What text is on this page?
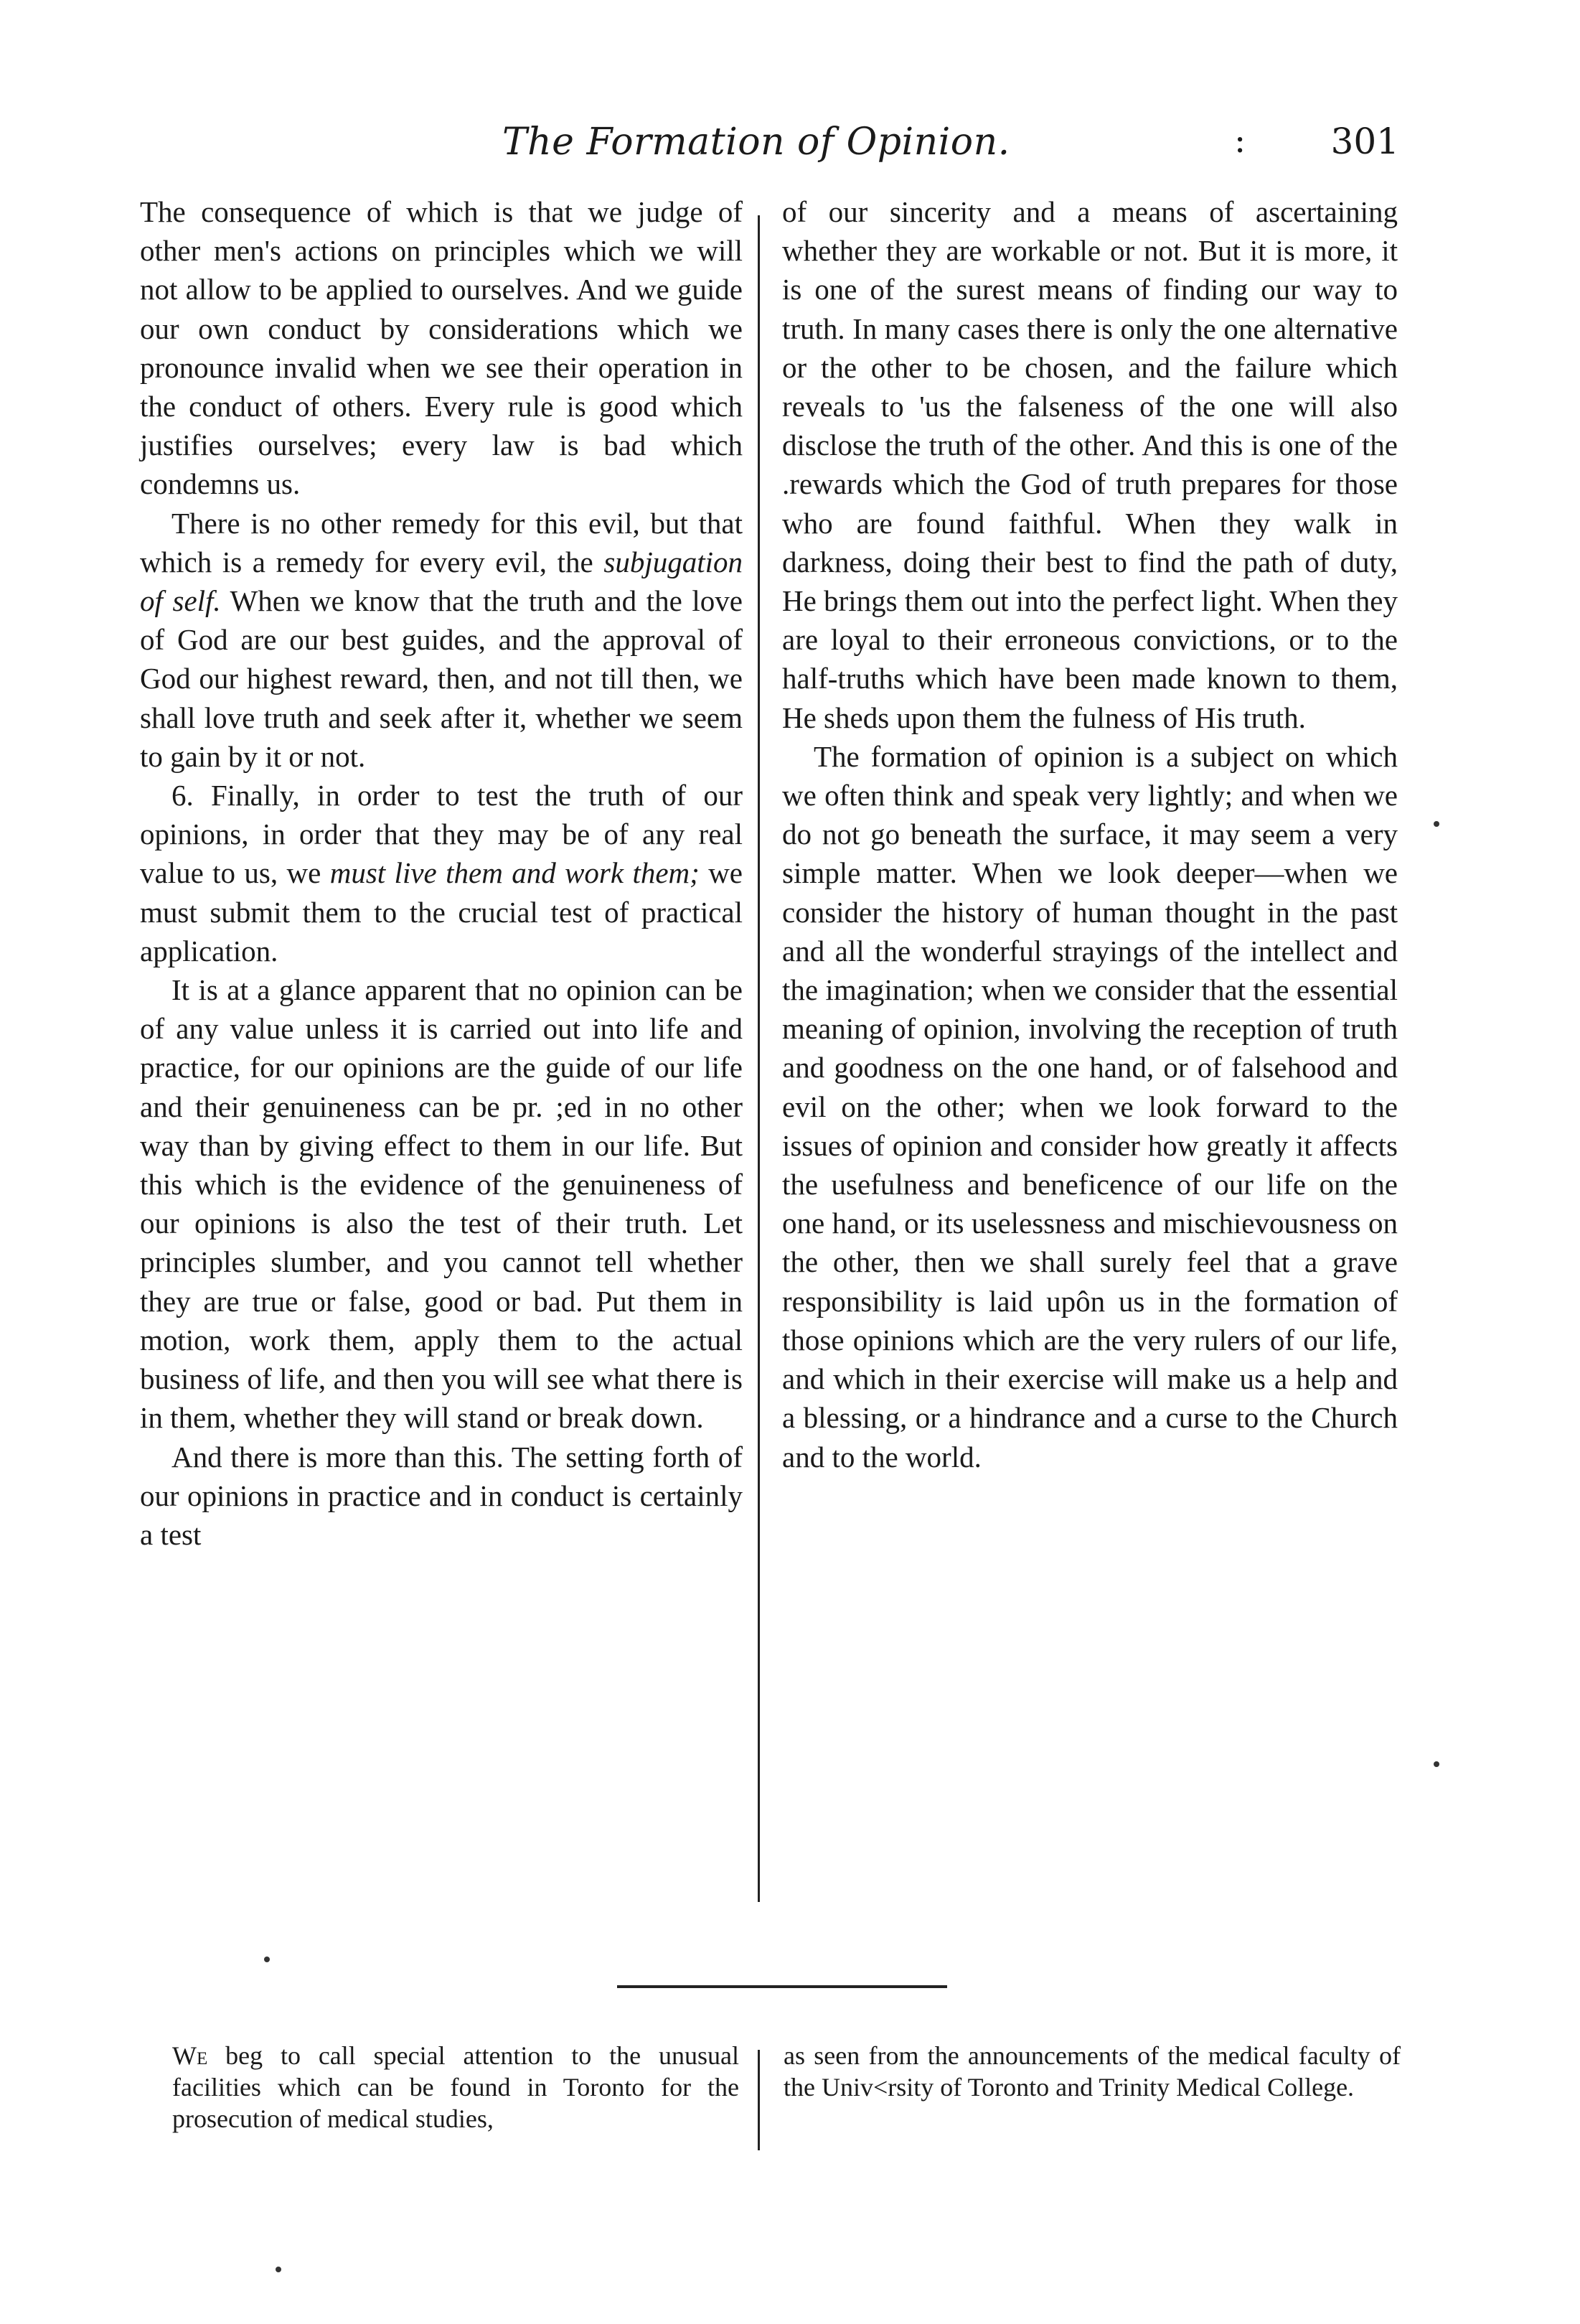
The Formation of Opinion.	: 301

The consequence of which is that we judge of other men's actions on principles which we will not allow to be applied to ourselves. And we guide our own conduct by considerations which we pronounce invalid when we see their operation in the conduct of others. Every rule is good which justifies ourselves; every law is bad which condemns us.

There is no other remedy for this evil, but that which is a remedy for every evil, the subjugation of self. When we know that the truth and the love of God are our best guides, and the approval of God our highest reward, then, and not till then, we shall love truth and seek after it, whether we seem to gain by it or not.

6. Finally, in order to test the truth of our opinions, in order that they may be of any real value to us, we must live them and work them; we must submit them to the crucial test of practical application.

It is at a glance apparent that no opinion can be of any value unless it is carried out into life and practice, for our opinions are the guide of our life and their genuineness can be pr. ;ed in no other way than by giving effect to them in our life. But this which is the evidence of the genuineness of our opinions is also the test of their truth. Let principles slumber, and you cannot tell whether they are true or false, good or bad. Put them in motion, work them, apply them to the actual business of life, and then you will see what there is in them, whether they will stand or break down.

And there is more than this. The setting forth of our opinions in practice and in conduct is certainly a test

of our sincerity and a means of ascertaining whether they are workable or not. But it is more, it is one of the surest means of finding our way to truth. In many cases there is only the one alternative or the other to be chosen, and the failure which reveals to 'us the falseness of the one will also disclose the truth of the other. And this is one of the .rewards which the God of truth prepares for those who are found faithful. When they walk in darkness, doing their best to find the path of duty, He brings them out into the perfect light. When they are loyal to their erroneous convictions, or to the half-truths which have been made known to them, He sheds upon them the fulness of His truth.

The formation of opinion is a subject on which we often think and speak very lightly; and when we do not go beneath the surface, it may seem a very simple matter. When we look deeper—when we consider the history of human thought in the past and all the wonderful strayings of the intellect and the imagination; when we consider that the essential meaning of opinion, involving the reception of truth and goodness on the one hand, or of falsehood and evil on the other; when we look forward to the issues of opinion and consider how greatly it affects the usefulness and beneficence of our life on the one hand, or its uselessness and mischievousness on the other, then we shall surely feel that a grave responsibility is laid upôn us in the formation of those opinions which are the very rulers of our life, and which in their exercise will make us a help and a blessing, or a hindrance and a curse to the Church and to the world.

We beg to call special attention to the unusual facilities which can be found in Toronto for the prosecution of medical studies,

as seen from the announcements of the medical faculty of the Univ<rsity of Toronto and Trinity Medical College.
